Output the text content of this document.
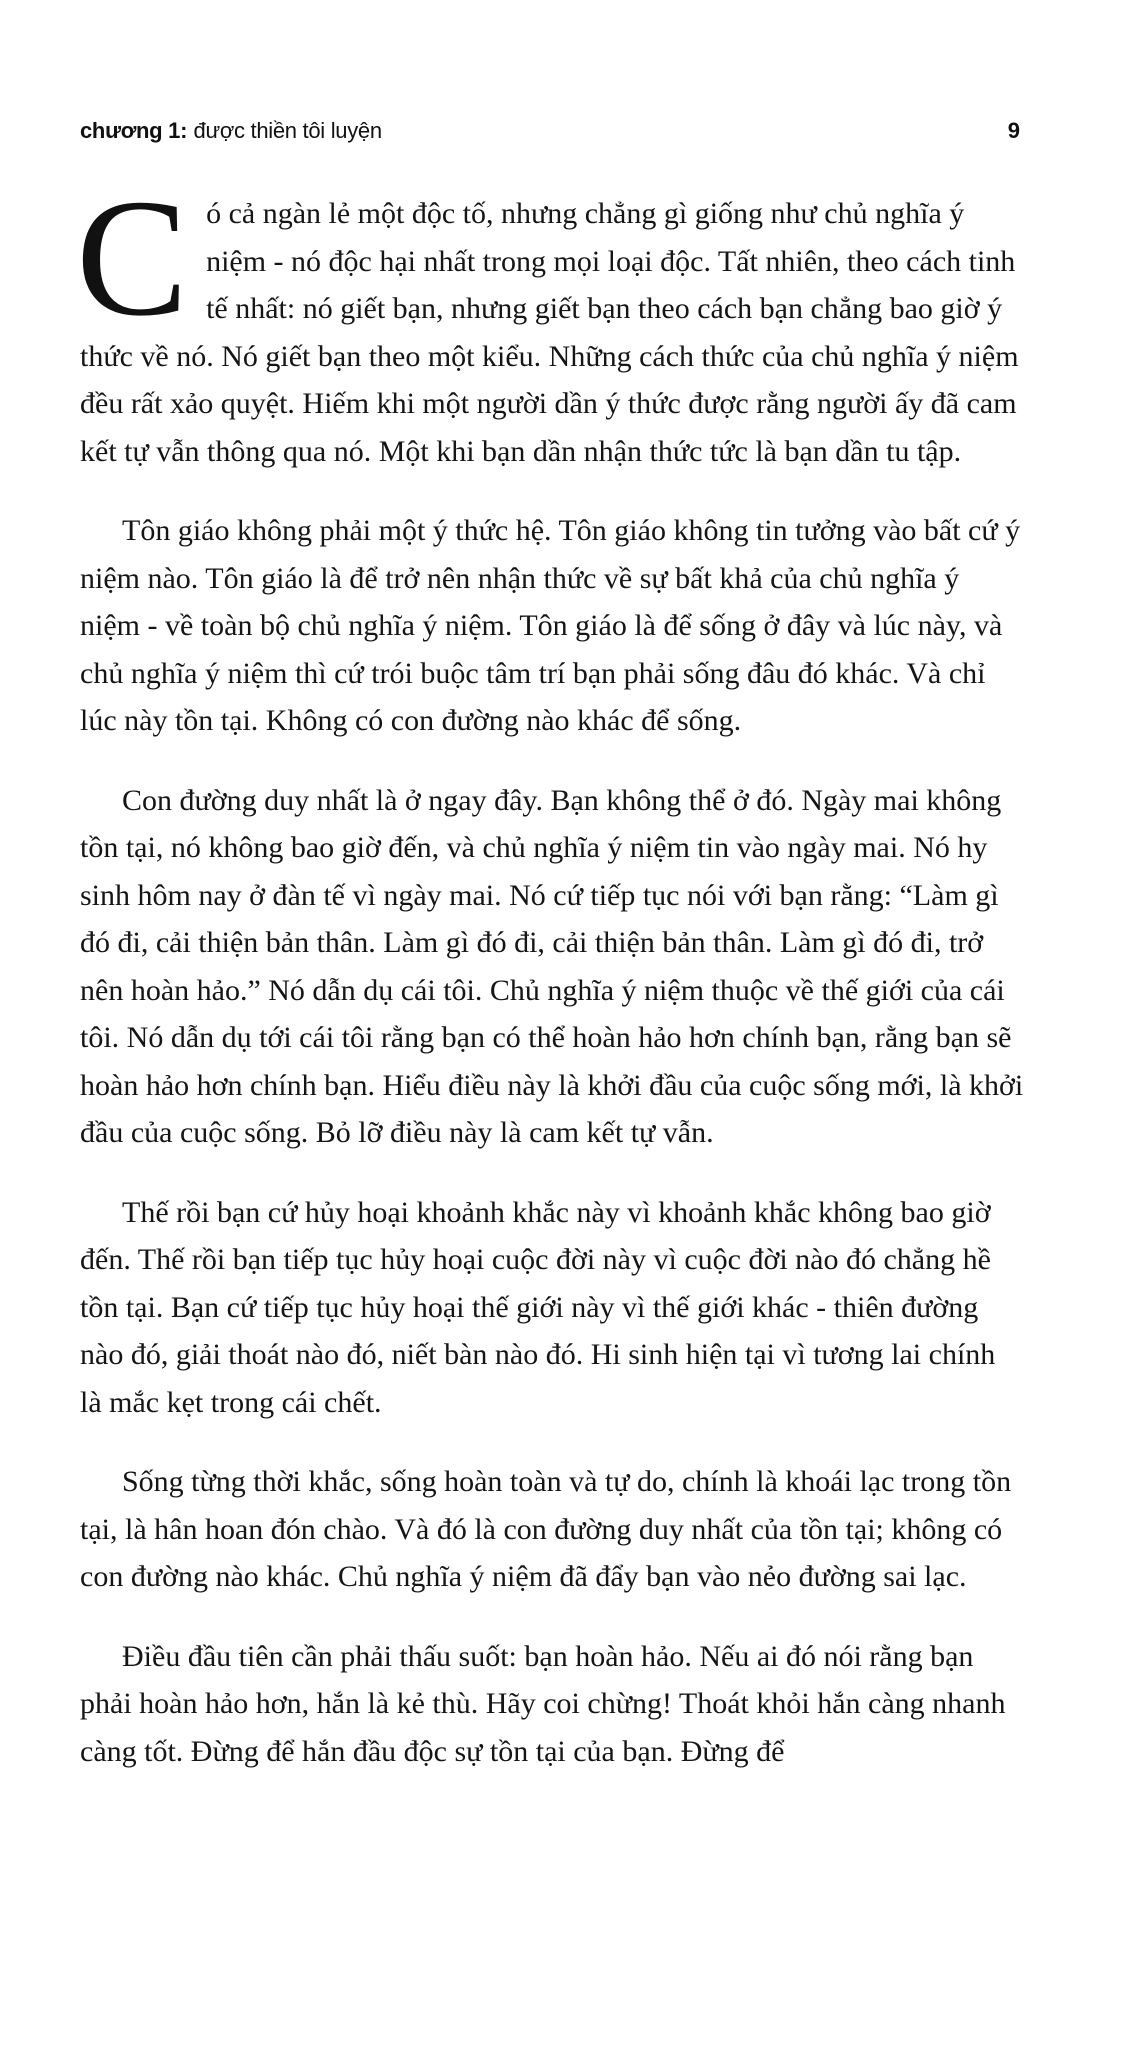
chương 1: được thiền tôi luyện	9

Có cả ngàn lẻ một độc tố, nhưng chẳng gì giống như chủ nghĩa ý niệm - nó độc hại nhất trong mọi loại độc. Tất nhiên, theo cách tinh tế nhất: nó giết bạn, nhưng giết bạn theo cách bạn chẳng bao giờ ý thức về nó. Nó giết bạn theo một kiểu. Những cách thức của chủ nghĩa ý niệm đều rất xảo quyệt. Hiếm khi một người dần ý thức được rằng người ấy đã cam kết tự vẫn thông qua nó. Một khi bạn dần nhận thức tức là bạn dần tu tập.

Tôn giáo không phải một ý thức hệ. Tôn giáo không tin tưởng vào bất cứ ý niệm nào. Tôn giáo là để trở nên nhận thức về sự bất khả của chủ nghĩa ý niệm - về toàn bộ chủ nghĩa ý niệm. Tôn giáo là để sống ở đây và lúc này, và chủ nghĩa ý niệm thì cứ trói buộc tâm trí bạn phải sống đâu đó khác. Và chỉ lúc này tồn tại. Không có con đường nào khác để sống.

Con đường duy nhất là ở ngay đây. Bạn không thể ở đó. Ngày mai không tồn tại, nó không bao giờ đến, và chủ nghĩa ý niệm tin vào ngày mai. Nó hy sinh hôm nay ở đàn tế vì ngày mai. Nó cứ tiếp tục nói với bạn rằng: “Làm gì đó đi, cải thiện bản thân. Làm gì đó đi, cải thiện bản thân. Làm gì đó đi, trở nên hoàn hảo.” Nó dẫn dụ cái tôi. Chủ nghĩa ý niệm thuộc về thế giới của cái tôi. Nó dẫn dụ tới cái tôi rằng bạn có thể hoàn hảo hơn chính bạn, rằng bạn sẽ hoàn hảo hơn chính bạn. Hiểu điều này là khởi đầu của cuộc sống mới, là khởi đầu của cuộc sống. Bỏ lỡ điều này là cam kết tự vẫn.

Thế rồi bạn cứ hủy hoại khoảnh khắc này vì khoảnh khắc không bao giờ đến. Thế rồi bạn tiếp tục hủy hoại cuộc đời này vì cuộc đời nào đó chẳng hề tồn tại. Bạn cứ tiếp tục hủy hoại thế giới này vì thế giới khác - thiên đường nào đó, giải thoát nào đó, niết bàn nào đó. Hi sinh hiện tại vì tương lai chính là mắc kẹt trong cái chết.

Sống từng thời khắc, sống hoàn toàn và tự do, chính là khoái lạc trong tồn tại, là hân hoan đón chào. Và đó là con đường duy nhất của tồn tại; không có con đường nào khác. Chủ nghĩa ý niệm đã đẩy bạn vào nẻo đường sai lạc.

Điều đầu tiên cần phải thấu suốt: bạn hoàn hảo. Nếu ai đó nói rằng bạn phải hoàn hảo hơn, hắn là kẻ thù. Hãy coi chừng! Thoát khỏi hắn càng nhanh càng tốt. Đừng để hắn đầu độc sự tồn tại của bạn. Đừng để
